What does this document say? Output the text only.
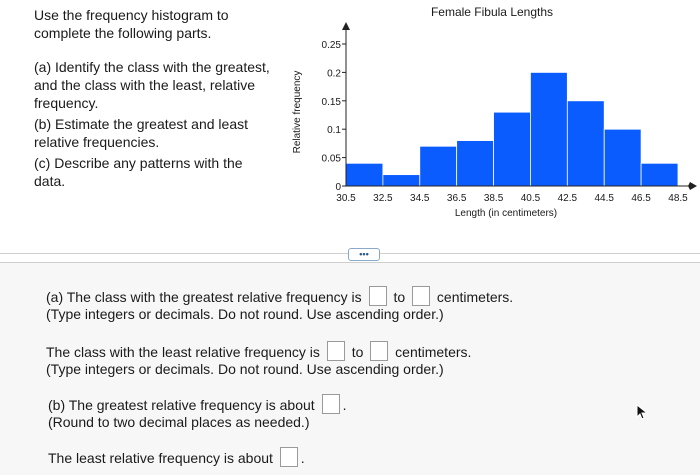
Use the frequency histogram to
complete the following parts.
(a) Identify the class with the greatest,
and the class with the least, relative
frequency.
(b) Estimate the greatest and least
relative frequencies.
(c) Describe any patterns with the
data.
Female Fibula Lengths
Relative frequency
Length (in centimeters)
0
0.05
0.1
0.15
0.2
0.25
30.5 32.5 34.5 36.5 38.5 40.5 42.5 44.5 46.5 48.5
•••
(a) The class with the greatest relative frequency is to centimeters.
(Type integers or decimals. Do not round. Use ascending order.)
The class with the least relative frequency is to centimeters.
(Type integers or decimals. Do not round. Use ascending order.)
(b) The greatest relative frequency is about .
(Round to two decimal places as needed.)
The least relative frequency is about .
